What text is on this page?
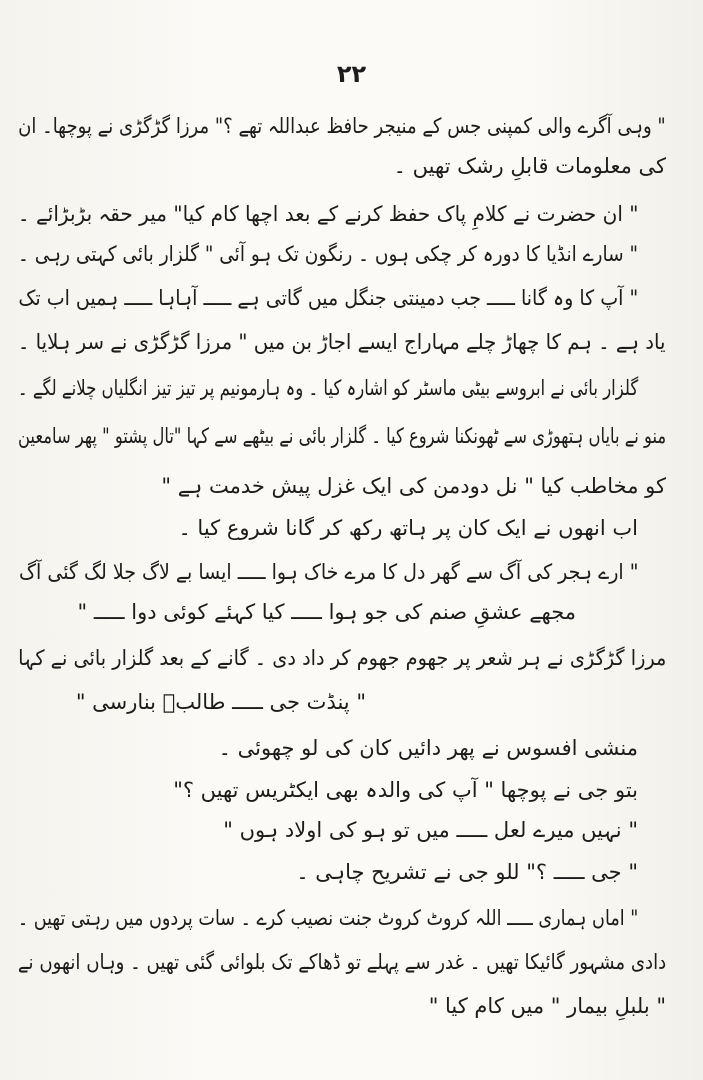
۲۲
" وہی آگرے والی کمپنی جس کے منیجر حافظ عبداللہ تھے ؟" مرزا گڑگڑی نے پوچھا۔ ان
کی معلومات قابلِ رشک تھیں ۔
" ان حضرت نے کلامِ پاک حفظ کرنے کے بعد اچھا کام کیا" میر حقہ بڑبڑائے ۔
" سارے انڈیا کا دورہ کر چکی ہوں ۔ رنگون تک ہو آئی " گلزار بائی کہتی رہی ۔
" آپ کا وہ گانا ـــــ جب دمینتی جنگل میں گاتی ہے ـــــ آہاہا ـــــ ہمیں اب تک
یاد ہے ۔ ہم کا چھاڑ چلے مہاراج ایسے اجاڑ بن میں " مرزا گڑگڑی نے سر ہلایا ۔
گلزار بائی نے ابروسے بیٹی ماسٹر کو اشارہ کیا ۔ وہ ہارمونیم پر تیز تیز انگلیاں چلانے لگے ۔
منو نے بایاں ہتھوڑی سے ٹھونکنا شروع کیا ۔ گلزار بائی نے بیٹھے سے کہا "تال پشتو " پھر سامعین
کو مخاطب کیا " نل دودمن کی ایک غزل پیش خدمت ہے "
اب انھوں نے ایک کان پر ہاتھ رکھ کر گانا شروع کیا ۔
" ارے ہجر کی آگ سے گھر دل کا مرے خاک ہوا ـــــ ایسا بے لاگ جلا لگ گئی آگ
مجھے عشقِ صنم کی جو ہوا ـــــ کیا کہئے کوئی دوا ـــــ "
مرزا گڑگڑی نے ہر شعر پر جھوم جھوم کر داد دی ۔ گانے کے بعد گلزار بائی نے کہا
" پنڈت جی ـــــ طالبؔ بنارسی "
منشی افسوس نے پھر دائیں کان کی لو چھوئی ۔
بتو جی نے پوچھا " آپ کی والدہ بھی ایکٹریس تھیں ؟"
" نہیں میرے لعل ـــــ میں تو ہو کی اولاد ہوں "
" جی ـــــ ؟" للو جی نے تشریح چاہی ۔
" اماں ہماری ـــــ اللہ کروٹ کروٹ جنت نصیب کرے ۔ سات پردوں میں رہتی تھیں ۔
دادی مشہور گائیکا تھیں ۔ غدر سے پہلے تو ڈھاکے تک بلوائی گئی تھیں ۔ وہاں انھوں نے
" بلبلِ بیمار " میں کام کیا "
